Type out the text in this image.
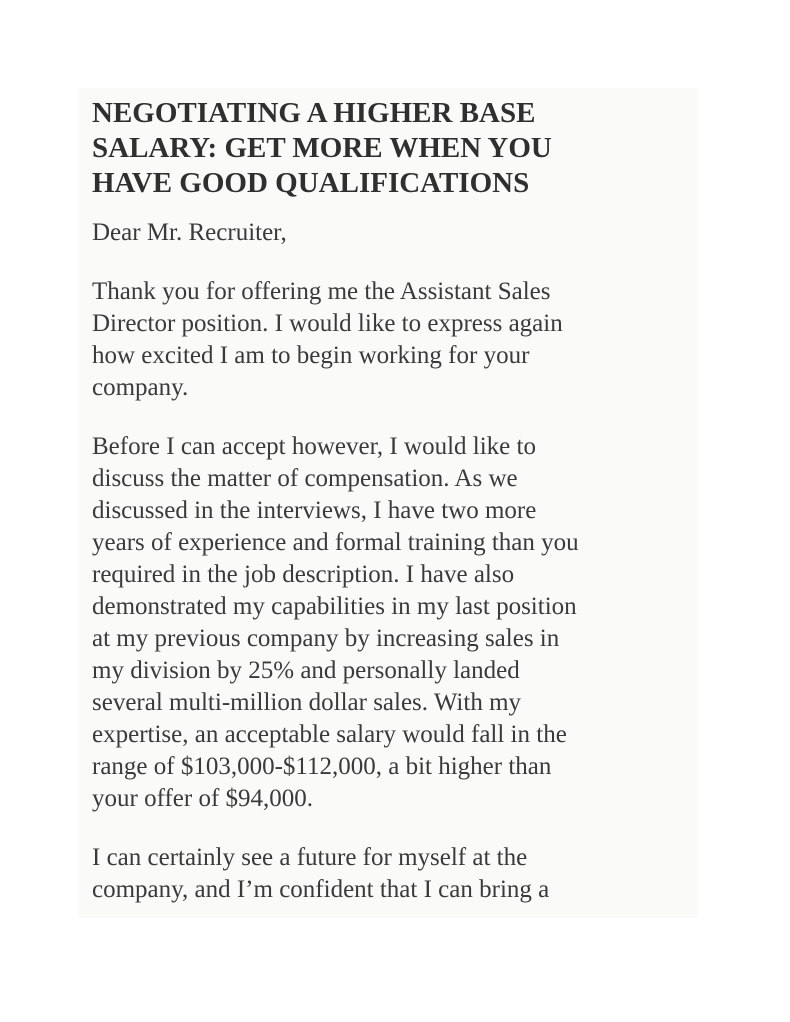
NEGOTIATING A HIGHER BASE
SALARY: GET MORE WHEN YOU
HAVE GOOD QUALIFICATIONS

Dear Mr. Recruiter,

Thank you for offering me the Assistant Sales
Director position. I would like to express again
how excited I am to begin working for your
company.

Before I can accept however, I would like to
discuss the matter of compensation. As we
discussed in the interviews, I have two more
years of experience and formal training than you
required in the job description. I have also
demonstrated my capabilities in my last position
at my previous company by increasing sales in
my division by 25% and personally landed
several multi-million dollar sales. With my
expertise, an acceptable salary would fall in the
range of $103,000-$112,000, a bit higher than
your offer of $94,000.

I can certainly see a future for myself at the
company, and I’m confident that I can bring a
